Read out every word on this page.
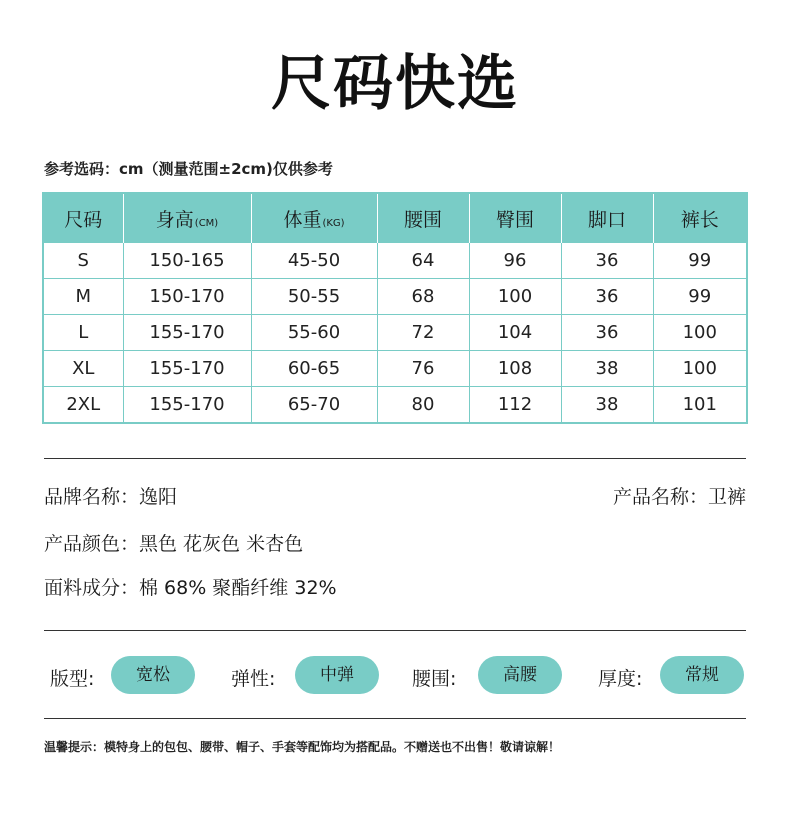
尺码快选
参考选码：cm（测量范围±2cm)仅供参考
尺码	身高(CM)	体重(KG)	腰围	臀围	脚口	裤长
S	150-165	45-50	64	96	36	99
M	150-170	50-55	68	100	36	99
L	155-170	55-60	72	104	36	100
XL	155-170	60-65	76	108	38	100
2XL	155-170	65-70	80	112	38	101
品牌名称：逸阳	产品名称：卫裤
产品颜色：黑色 花灰色 米杏色
面料成分：棉 68% 聚酯纤维 32%
版型:	宽松	弹性:	中弹	腰围:	高腰	厚度:	常规
温馨提示：模特身上的包包、腰带、帽子、手套等配饰均为搭配品。不赠送也不出售！敬请谅解！
